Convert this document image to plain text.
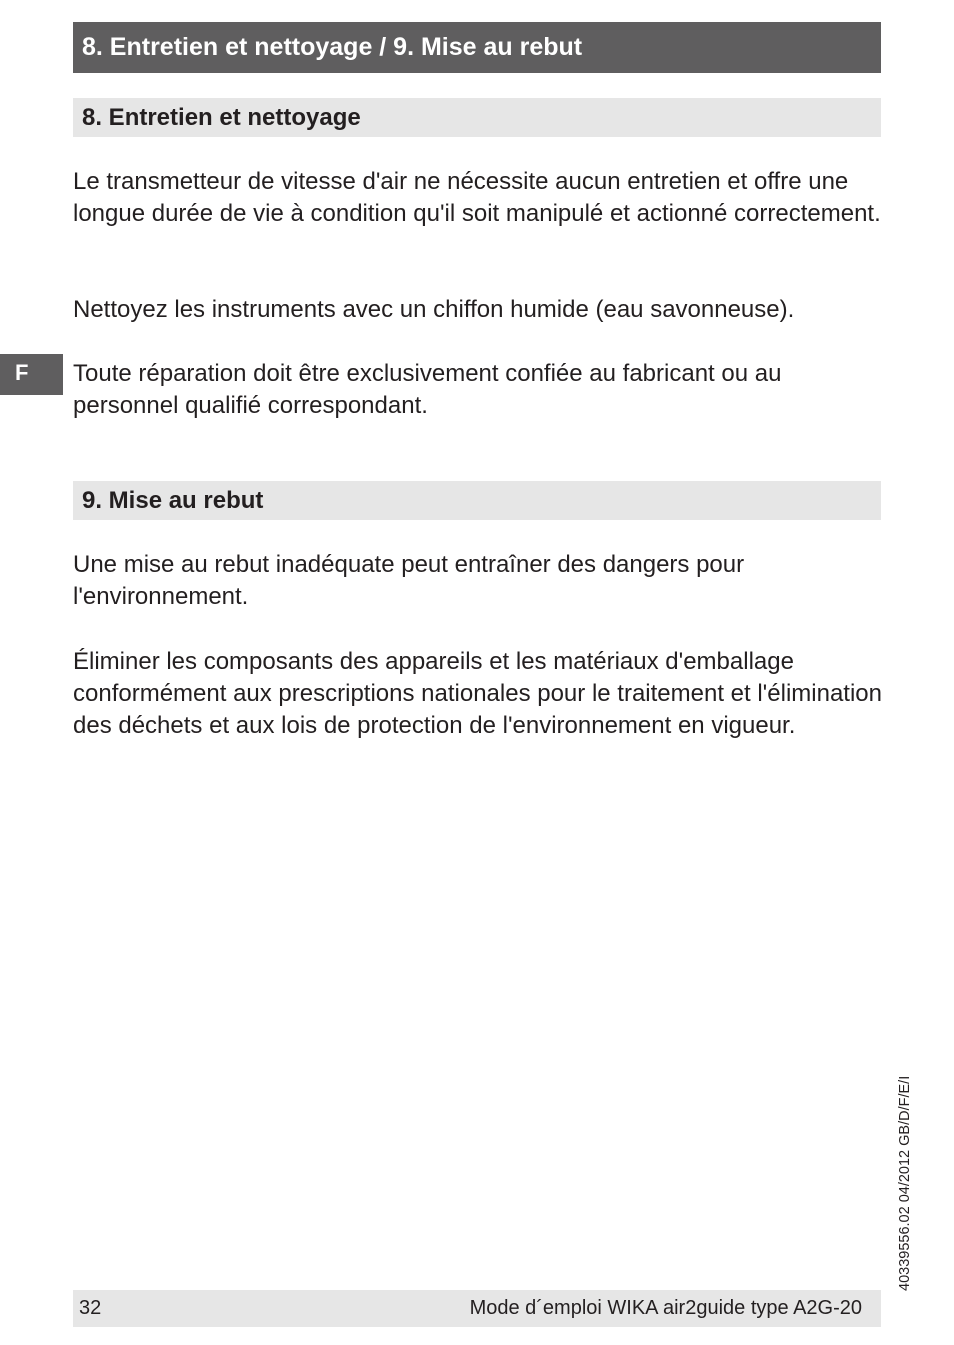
8. Entretien et nettoyage / 9. Mise au rebut
8. Entretien et nettoyage

Le transmetteur de vitesse d'air ne nécessite aucun entretien et offre une longue durée de vie à condition qu'il soit manipulé et actionné correctement.

Nettoyez les instruments avec un chiffon humide (eau savonneuse).

Toute réparation doit être exclusivement confiée au fabricant ou au personnel qualifié correspondant.

F
9. Mise au rebut

Une mise au rebut inadéquate peut entraîner des dangers pour l'environnement.

Éliminer les composants des appareils et les matériaux d'emballage conformément aux prescriptions nationales pour le traitement et l'élimination des déchets et aux lois de protection de l'environnement en vigueur.

40339556.02 04/2012 GB/D/F/E/I
32	Mode d´emploi WIKA air2guide type A2G-20
